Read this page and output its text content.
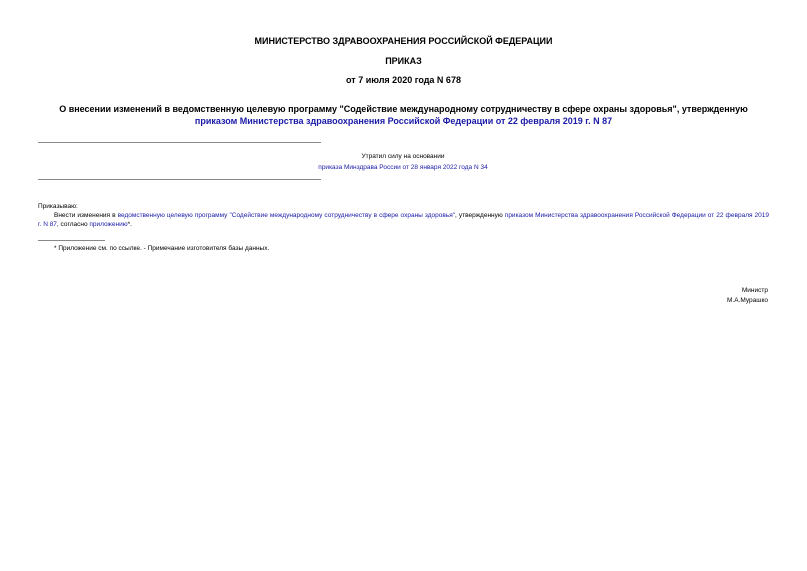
МИНИСТЕРСТВО ЗДРАВООХРАНЕНИЯ РОССИЙСКОЙ ФЕДЕРАЦИИ
ПРИКАЗ
от 7 июля 2020 года N 678
О внесении изменений в ведомственную целевую программу "Содействие международному сотрудничеству в сфере охраны здоровья", утвержденную приказом Министерства здравоохранения Российской Федерации от 22 февраля 2019 г. N 87
Утратил силу на основании
приказа Минздрава России от 28 января 2022 года N 34
Приказываю:
Внести изменения в ведомственную целевую программу "Содействие международному сотрудничеству в сфере охраны здоровья", утвержденную приказом Министерства здравоохранения Российской Федерации от 22 февраля 2019 г. N 87, согласно приложению*.
* Приложение см. по ссылке. - Примечание изготовителя базы данных.
Министр
М.А.Мурашко
